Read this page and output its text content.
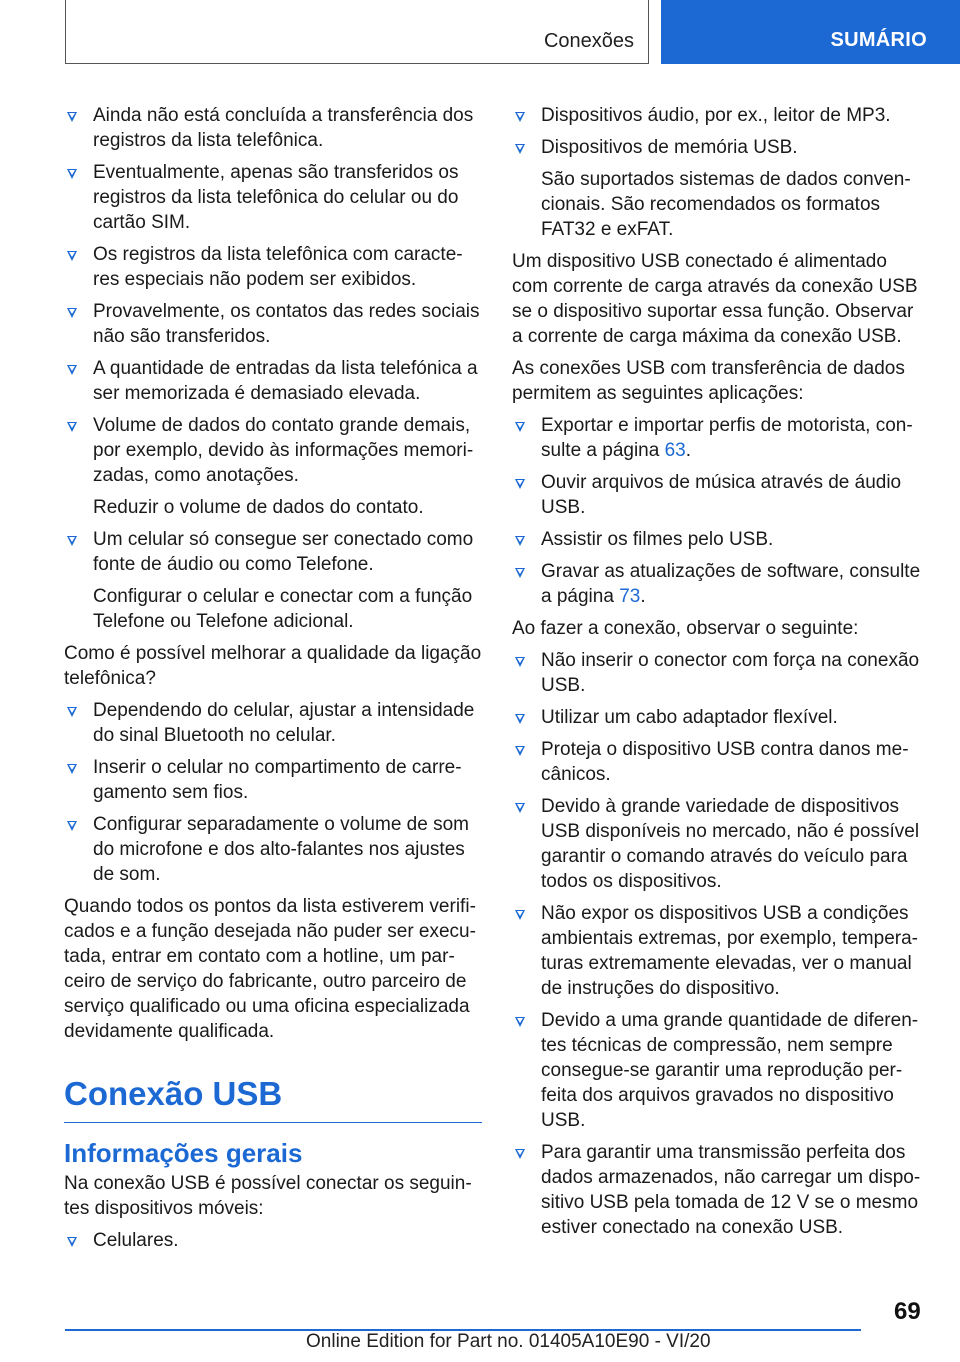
Conexões	SUMÁRIO
Ainda não está concluída a transferência dos registros da lista telefônica.
Eventualmente, apenas são transferidos os registros da lista telefônica do celular ou do cartão SIM.
Os registros da lista telefônica com caracteres especiais não podem ser exibidos.
Provavelmente, os contatos das redes sociais não são transferidos.
A quantidade de entradas da lista telefónica a ser memorizada é demasiado elevada.
Volume de dados do contato grande demais, por exemplo, devido às informações memorizadas, como anotações.
Reduzir o volume de dados do contato.
Um celular só consegue ser conectado como fonte de áudio ou como Telefone.
Configurar o celular e conectar com a função Telefone ou Telefone adicional.
Como é possível melhorar a qualidade da ligação telefônica?
Dependendo do celular, ajustar a intensidade do sinal Bluetooth no celular.
Inserir o celular no compartimento de carregamento sem fios.
Configurar separadamente o volume de som do microfone e dos alto-falantes nos ajustes de som.
Quando todos os pontos da lista estiverem verificados e a função desejada não puder ser executada, entrar em contato com a hotline, um parceiro de serviço do fabricante, outro parceiro de serviço qualificado ou uma oficina especializada devidamente qualificada.
Conexão USB
Informações gerais
Na conexão USB é possível conectar os seguintes dispositivos móveis:
Celulares.
Dispositivos áudio, por ex., leitor de MP3.
Dispositivos de memória USB.
São suportados sistemas de dados convencionais. São recomendados os formatos FAT32 e exFAT.
Um dispositivo USB conectado é alimentado com corrente de carga através da conexão USB se o dispositivo suportar essa função. Observar a corrente de carga máxima da conexão USB.
As conexões USB com transferência de dados permitem as seguintes aplicações:
Exportar e importar perfis de motorista, consulte a página 63.
Ouvir arquivos de música através de áudio USB.
Assistir os filmes pelo USB.
Gravar as atualizações de software, consulte a página 73.
Ao fazer a conexão, observar o seguinte:
Não inserir o conector com força na conexão USB.
Utilizar um cabo adaptador flexível.
Proteja o dispositivo USB contra danos mecânicos.
Devido à grande variedade de dispositivos USB disponíveis no mercado, não é possível garantir o comando através do veículo para todos os dispositivos.
Não expor os dispositivos USB a condições ambientais extremas, por exemplo, temperaturas extremamente elevadas, ver o manual de instruções do dispositivo.
Devido a uma grande quantidade de diferentes técnicas de compressão, nem sempre consegue-se garantir uma reprodução perfeita dos arquivos gravados no dispositivo USB.
Para garantir uma transmissão perfeita dos dados armazenados, não carregar um dispositivo USB pela tomada de 12 V se o mesmo estiver conectado na conexão USB.
69
Online Edition for Part no. 01405A10E90 - VI/20
